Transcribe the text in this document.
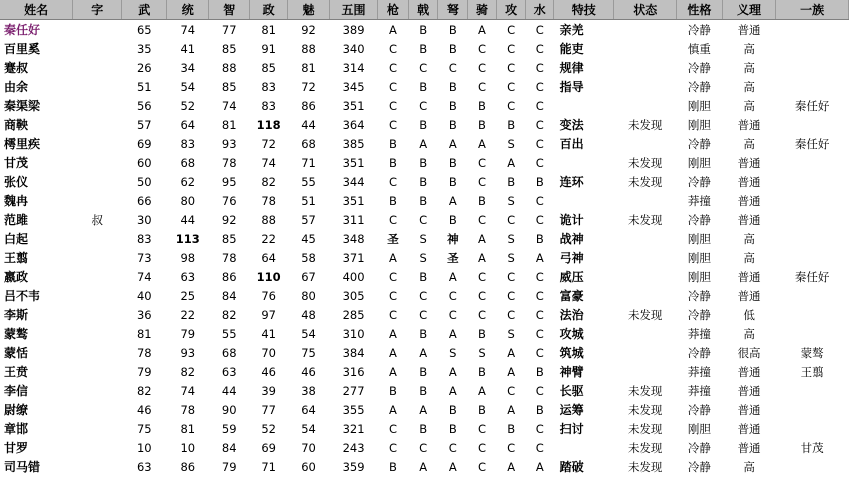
姓名	字	武	统	智	政	魅	五围	枪	戟	弩	骑	攻	水	特技	状态	性格	义理	一族
秦任好		65	74	77	81	92	389	A	B	B	A	C	C	亲羌		冷静	普通	
百里奚		35	41	85	91	88	340	C	B	B	C	C	C	能吏		慎重	高	
蹇叔		26	34	88	85	81	314	C	C	C	C	C	C	规律		冷静	高	
由余		51	54	85	83	72	345	C	B	B	C	C	C	指导		冷静	高	
秦渠梁		56	52	74	83	86	351	C	C	B	B	C	C			刚胆	高	秦任好
商鞅		57	64	81	118	44	364	C	B	B	B	B	C	变法	未发现	刚胆	普通	
樗里疾		69	83	93	72	68	385	B	A	A	A	S	C	百出		冷静	高	秦任好
甘茂		60	68	78	74	71	351	B	B	B	C	A	C		未发现	刚胆	普通	
张仪		50	62	95	82	55	344	C	B	B	C	B	B	连环	未发现	冷静	普通	
魏冉		66	80	76	78	51	351	B	B	A	B	S	C			莽撞	普通	
范雎	叔	30	44	92	88	57	311	C	C	B	C	C	C	诡计	未发现	冷静	普通	
白起		83	113	85	22	45	348	圣	S	神	A	S	B	战神		刚胆	高	
王翦		73	98	78	64	58	371	A	S	圣	A	S	A	弓神		刚胆	高	
嬴政		74	63	86	110	67	400	C	B	A	C	C	C	威压		刚胆	普通	秦任好
吕不韦		40	25	84	76	80	305	C	C	C	C	C	C	富豪		冷静	普通	
李斯		36	22	82	97	48	285	C	C	C	C	C	C	法治	未发现	冷静	低	
蒙骜		81	79	55	41	54	310	A	B	A	B	S	C	攻城		莽撞	高	
蒙恬		78	93	68	70	75	384	A	A	S	S	A	C	筑城		冷静	很高	蒙骜
王贲		79	82	63	46	46	316	A	B	A	B	A	B	神臂		莽撞	普通	王翦
李信		82	74	44	39	38	277	B	B	A	A	C	C	长驱	未发现	莽撞	普通	
尉缭		46	78	90	77	64	355	A	A	B	B	A	B	运筹	未发现	冷静	普通	
章邯		75	81	59	52	54	321	C	B	B	C	B	C	扫讨	未发现	刚胆	普通	
甘罗		10	10	84	69	70	243	C	C	C	C	C	C		未发现	冷静	普通	甘茂
司马错		63	86	79	71	60	359	B	A	A	C	A	A	踏破	未发现	冷静	高	
